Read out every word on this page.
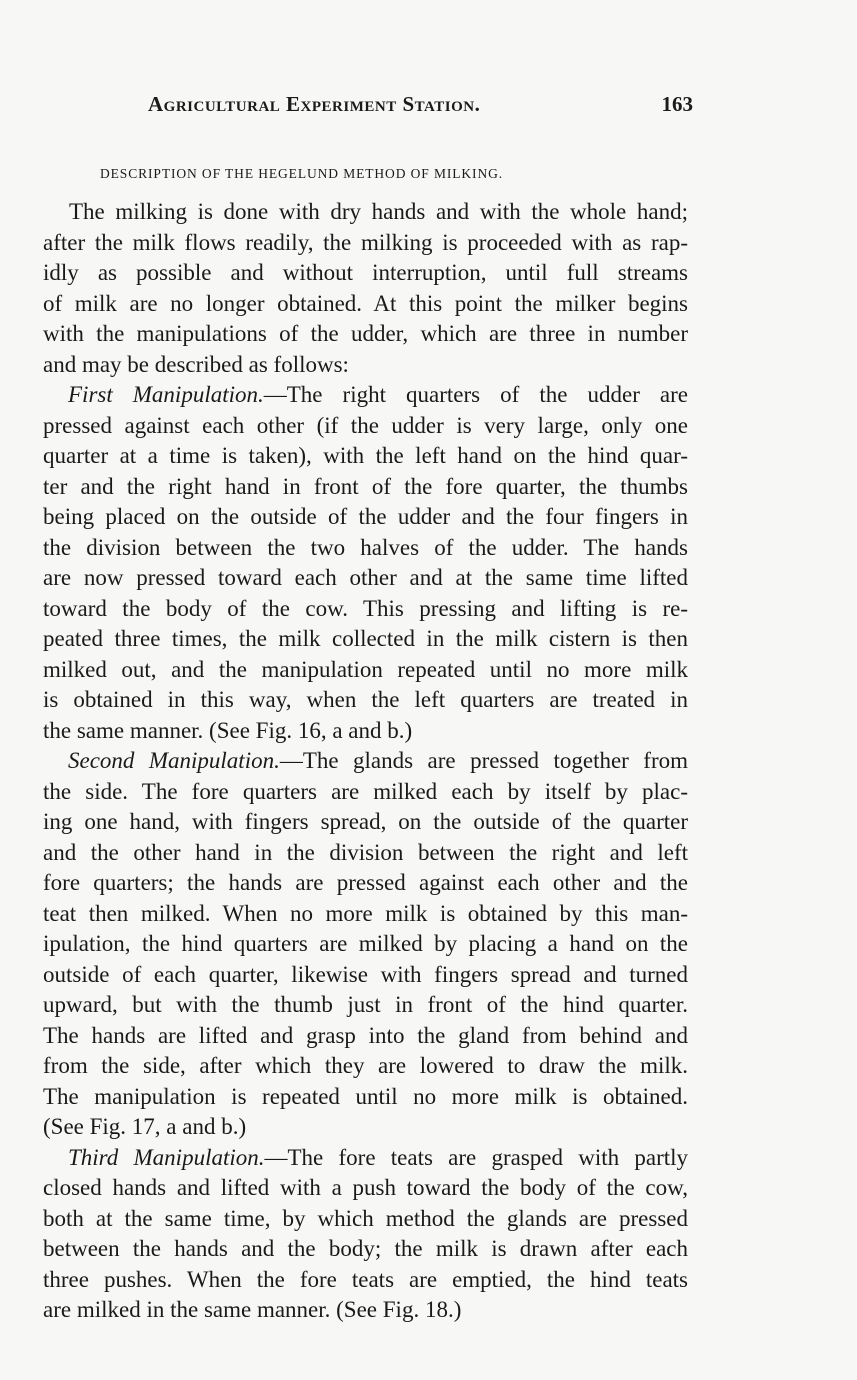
Agricultural Experiment Station.	163
DESCRIPTION OF THE HEGELUND METHOD OF MILKING.
The milking is done with dry hands and with the whole hand;
after the milk flows readily, the milking is proceeded with as rap-
idly as possible and without interruption, until full streams
of milk are no longer obtained. At this point the milker begins
with the manipulations of the udder, which are three in number
and may be described as follows:
First Manipulation.—The right quarters of the udder are
pressed against each other (if the udder is very large, only one
quarter at a time is taken), with the left hand on the hind quar-
ter and the right hand in front of the fore quarter, the thumbs
being placed on the outside of the udder and the four fingers in
the division between the two halves of the udder. The hands
are now pressed toward each other and at the same time lifted
toward the body of the cow. This pressing and lifting is re-
peated three times, the milk collected in the milk cistern is then
milked out, and the manipulation repeated until no more milk
is obtained in this way, when the left quarters are treated in
the same manner. (See Fig. 16, a and b.)
Second Manipulation.—The glands are pressed together from
the side. The fore quarters are milked each by itself by plac-
ing one hand, with fingers spread, on the outside of the quarter
and the other hand in the division between the right and left
fore quarters; the hands are pressed against each other and the
teat then milked. When no more milk is obtained by this man-
ipulation, the hind quarters are milked by placing a hand on the
outside of each quarter, likewise with fingers spread and turned
upward, but with the thumb just in front of the hind quarter.
The hands are lifted and grasp into the gland from behind and
from the side, after which they are lowered to draw the milk.
The manipulation is repeated until no more milk is obtained.
(See Fig. 17, a and b.)
Third Manipulation.—The fore teats are grasped with partly
closed hands and lifted with a push toward the body of the cow,
both at the same time, by which method the glands are pressed
between the hands and the body; the milk is drawn after each
three pushes. When the fore teats are emptied, the hind teats
are milked in the same manner. (See Fig. 18.)
